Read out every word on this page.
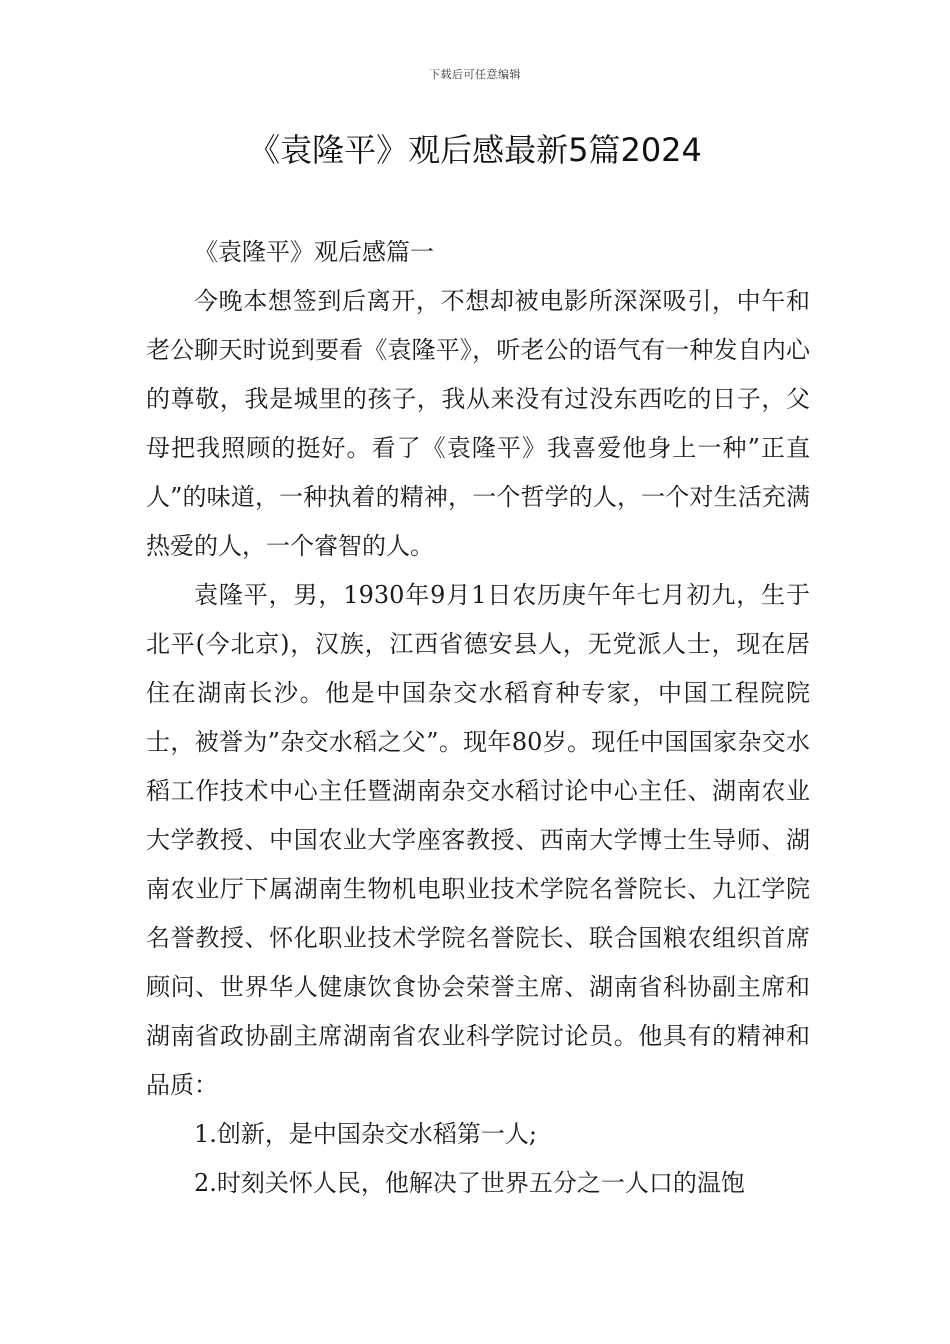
下载后可任意编辑
《袁隆平》观后感最新5篇2024

《袁隆平》观后感篇一

今晚本想签到后离开，不想却被电影所深深吸引，中午和老公聊天时说到要看《袁隆平》，听老公的语气有一种发自内心的尊敬，我是城里的孩子，我从来没有过没东西吃的日子，父母把我照顾的挺好。看了《袁隆平》我喜爱他身上一种”正直人”的味道，一种执着的精神，一个哲学的人，一个对生活充满热爱的人，一个睿智的人。

袁隆平，男，1930年9月1日农历庚午年七月初九，生于北平(今北京)，汉族，江西省德安县人，无党派人士，现在居住在湖南长沙。他是中国杂交水稻育种专家，中国工程院院士，被誉为”杂交水稻之父”。现年80岁。现任中国国家杂交水稻工作技术中心主任暨湖南杂交水稻讨论中心主任、湖南农业大学教授、中国农业大学座客教授、西南大学博士生导师、湖南农业厅下属湖南生物机电职业技术学院名誉院长、九江学院名誉教授、怀化职业技术学院名誉院长、联合国粮农组织首席顾问、世界华人健康饮食协会荣誉主席、湖南省科协副主席和湖南省政协副主席湖南省农业科学院讨论员。他具有的精神和品质：

1.创新，是中国杂交水稻第一人;

2.时刻关怀人民，他解决了世界五分之一人口的温饱
